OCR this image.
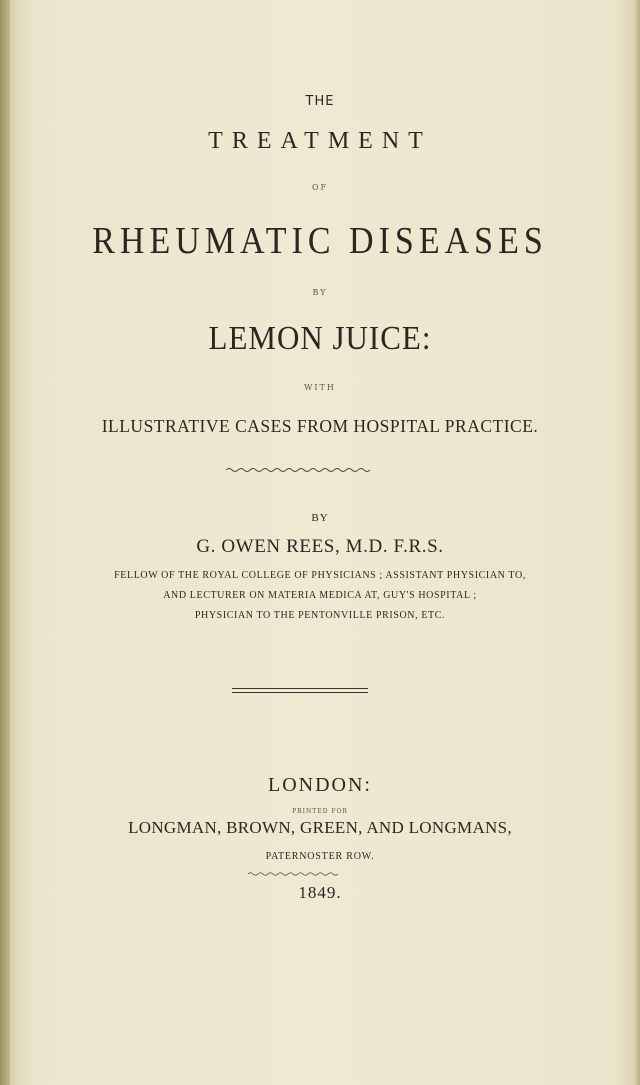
THE
TREATMENT
OF
RHEUMATIC DISEASES
BY
LEMON JUICE:
WITH
ILLUSTRATIVE CASES FROM HOSPITAL PRACTICE.
BY
G. OWEN REES, M.D. F.R.S.
FELLOW OF THE ROYAL COLLEGE OF PHYSICIANS ; ASSISTANT PHYSICIAN TO,
AND LECTURER ON MATERIA MEDICA AT, GUY'S HOSPITAL ;
PHYSICIAN TO THE PENTONVILLE PRISON, ETC.
LONDON:
PRINTED FOR
LONGMAN, BROWN, GREEN, AND LONGMANS,
PATERNOSTER ROW.
1849.
